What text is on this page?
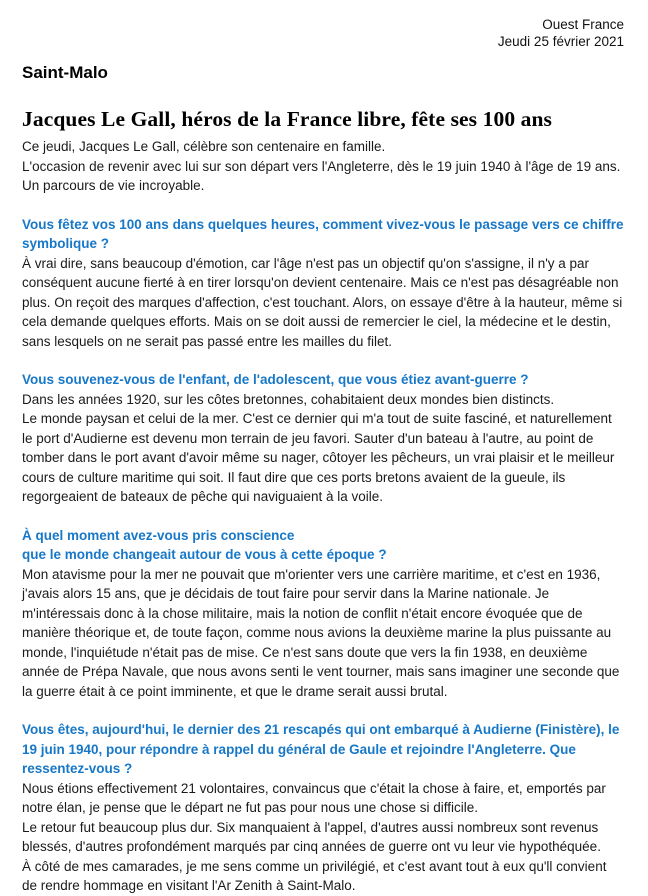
Ouest France
Jeudi 25 février 2021
Saint-Malo
Jacques Le Gall, héros de la France libre, fête ses 100 ans

Ce jeudi, Jacques Le Gall, célèbre son centenaire en famille.

L'occasion de revenir avec lui sur son départ vers l'Angleterre, dès le 19 juin 1940 à l'âge de 19 ans. Un parcours de vie incroyable.

Vous fêtez vos 100 ans dans quelques heures, comment vivez-vous le passage vers ce chiffre symbolique ?

À vrai dire, sans beaucoup d'émotion, car l'âge n'est pas un objectif qu'on s'assigne, il n'y a par conséquent aucune fierté à en tirer lorsqu'on devient centenaire. Mais ce n'est pas désagréable non plus. On reçoit des marques d'affection, c'est touchant. Alors, on essaye d'être à la hauteur, même si cela demande quelques efforts. Mais on se doit aussi de remercier le ciel, la médecine et le destin, sans lesquels on ne serait pas passé entre les mailles du filet.

Vous souvenez-vous de l'enfant, de l'adolescent, que vous étiez avant-guerre ?

Dans les années 1920, sur les côtes bretonnes, cohabitaient deux mondes bien distincts.

Le monde paysan et celui de la mer. C'est ce dernier qui m'a tout de suite fasciné, et naturellement le port d'Audierne est devenu mon terrain de jeu favori. Sauter d'un bateau à l'autre, au point de tomber dans le port avant d'avoir même su nager, côtoyer les pêcheurs, un vrai plaisir et le meilleur cours de culture maritime qui soit. Il faut dire que ces ports bretons avaient de la gueule, ils regorgeaient de bateaux de pêche qui naviguaient à la voile.

À quel moment avez-vous pris conscience
que le monde changeait autour de vous à cette époque ?

Mon atavisme pour la mer ne pouvait que m'orienter vers une carrière maritime, et c'est en 1936, j'avais alors 15 ans, que je décidais de tout faire pour servir dans la Marine nationale. Je m'intéressais donc à la chose militaire, mais la notion de conflit n'était encore évoquée que de manière théorique et, de toute façon, comme nous avions la deuxième marine la plus puissante au monde, l'inquiétude n'était pas de mise. Ce n'est sans doute que vers la fin 1938, en deuxième année de Prépa Navale, que nous avons senti le vent tourner, mais sans imaginer une seconde que la guerre était à ce point imminente, et que le drame serait aussi brutal.

Vous êtes, aujourd'hui, le dernier des 21 rescapés qui ont embarqué à Audierne (Finistère), le 19 juin 1940, pour répondre à rappel du général de Gaule et rejoindre l'Angleterre. Que ressentez-vous ?

Nous étions effectivement 21 volontaires, convaincus que c'était la chose à faire, et, emportés par notre élan, je pense que le départ ne fut pas pour nous une chose si difficile.

Le retour fut beaucoup plus dur. Six manquaient à l'appel, d'autres aussi nombreux sont revenus blessés, d'autres profondément marqués par cinq années de guerre ont vu leur vie hypothéquée.

À côté de mes camarades, je me sens comme un privilégié, et c'est avant tout à eux qu'll convient de rendre hommage en visitant l'Ar Zenith à Saint-Malo.
